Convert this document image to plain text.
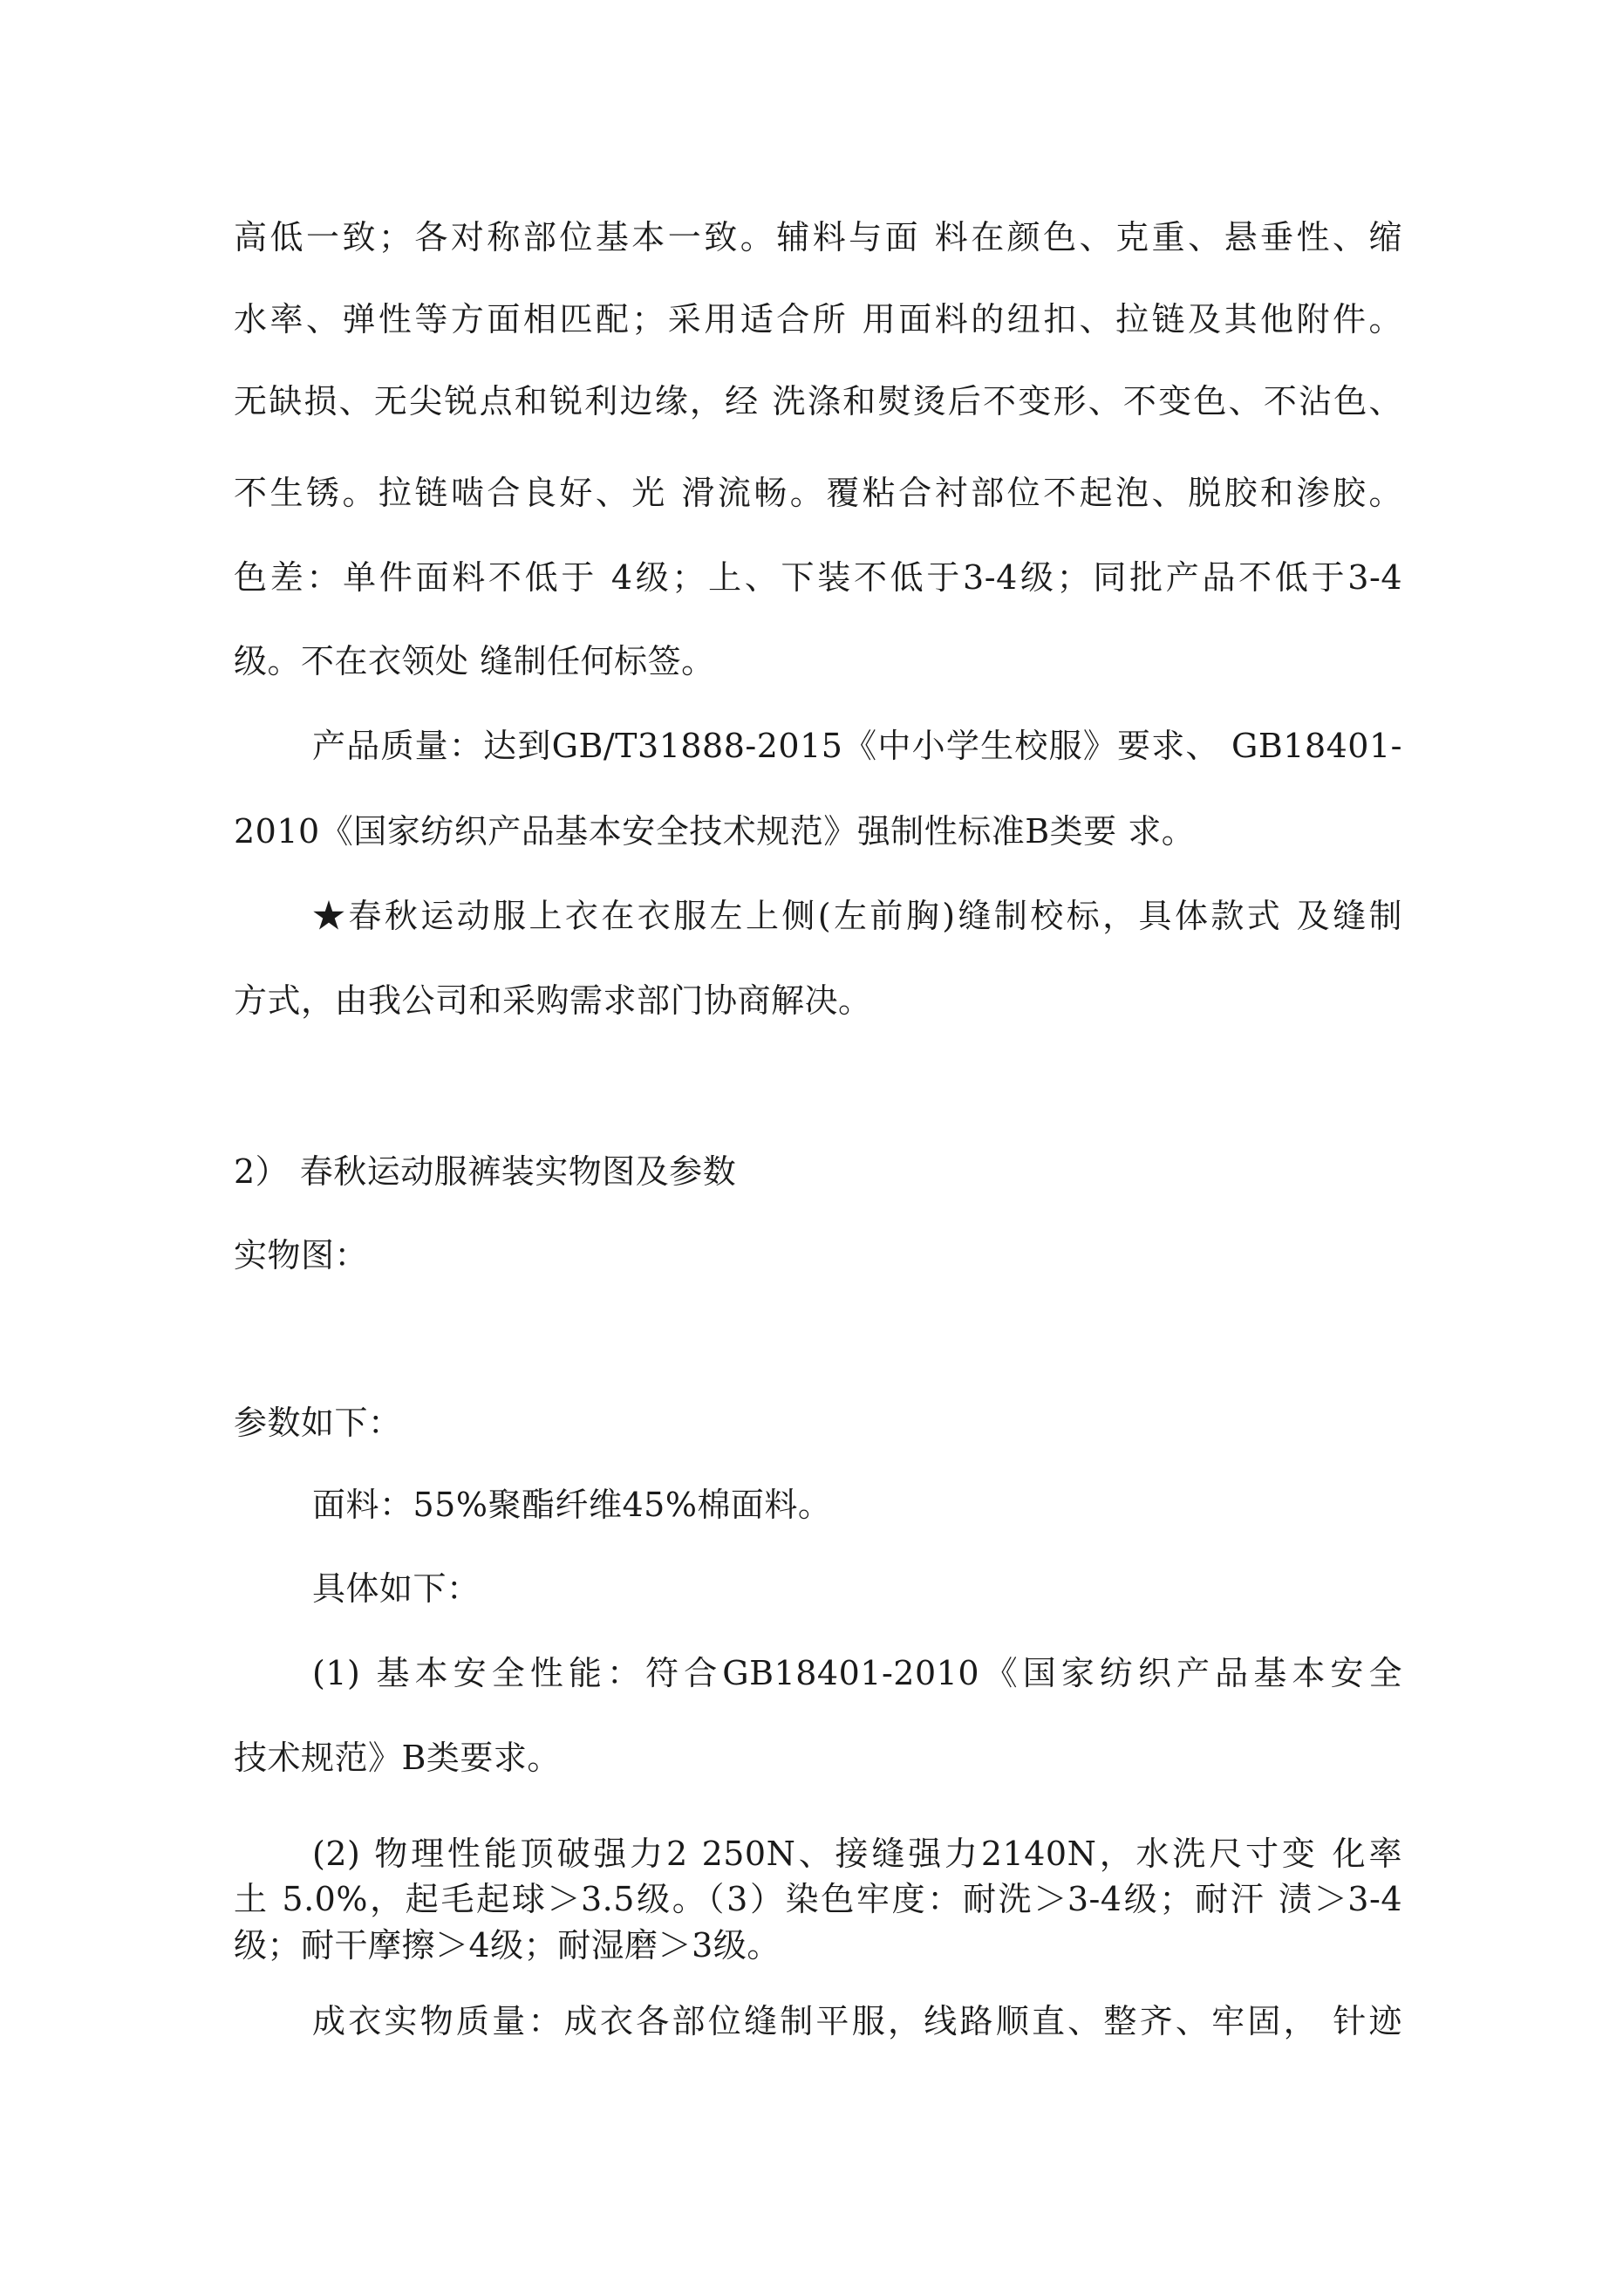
高低一致；各对称部位基本一致。辅料与面 料在颜色、克重、悬垂性、缩
水率、弹性等方面相匹配；采用适合所 用面料的纽扣、拉链及其他附件。
无缺损、无尖锐点和锐利边缘，经 洗涤和熨烫后不变形、不变色、不沾色、
不生锈。拉链啮合良好、光 滑流畅。覆粘合衬部位不起泡、脱胶和渗胶。
色差：单件面料不低于 4级；上、下装不低于3-4级；同批产品不低于3-4
级。不在衣领处 缝制任何标签。
产品质量：达到GB/T31888-2015《中小学生校服》要求、 GB18401-
2010《国家纺织产品基本安全技术规范》强制性标准B类要 求。
★春秋运动服上衣在衣服左上侧(左前胸)缝制校标，具体款式 及缝制
方式，由我公司和采购需求部门协商解决。
2） 春秋运动服裤装实物图及参数
实物图：
参数如下：
面料：55%聚酯纤维45%棉面料。
具体如下：
(1) 基本安全性能：符合GB18401-2010《国家纺织产品基本安全
技术规范》B类要求。
(2) 物理性能顶破强力2 250N、接缝强力2140N，水洗尺寸变 化率
土 5.0%，起毛起球＞3.5级。（3）染色牢度：耐洗＞3-4级；耐汗 渍＞3-4
级；耐干摩擦＞4级；耐湿磨＞3级。
成衣实物质量：成衣各部位缝制平服，线路顺直、整齐、牢固， 针迹
